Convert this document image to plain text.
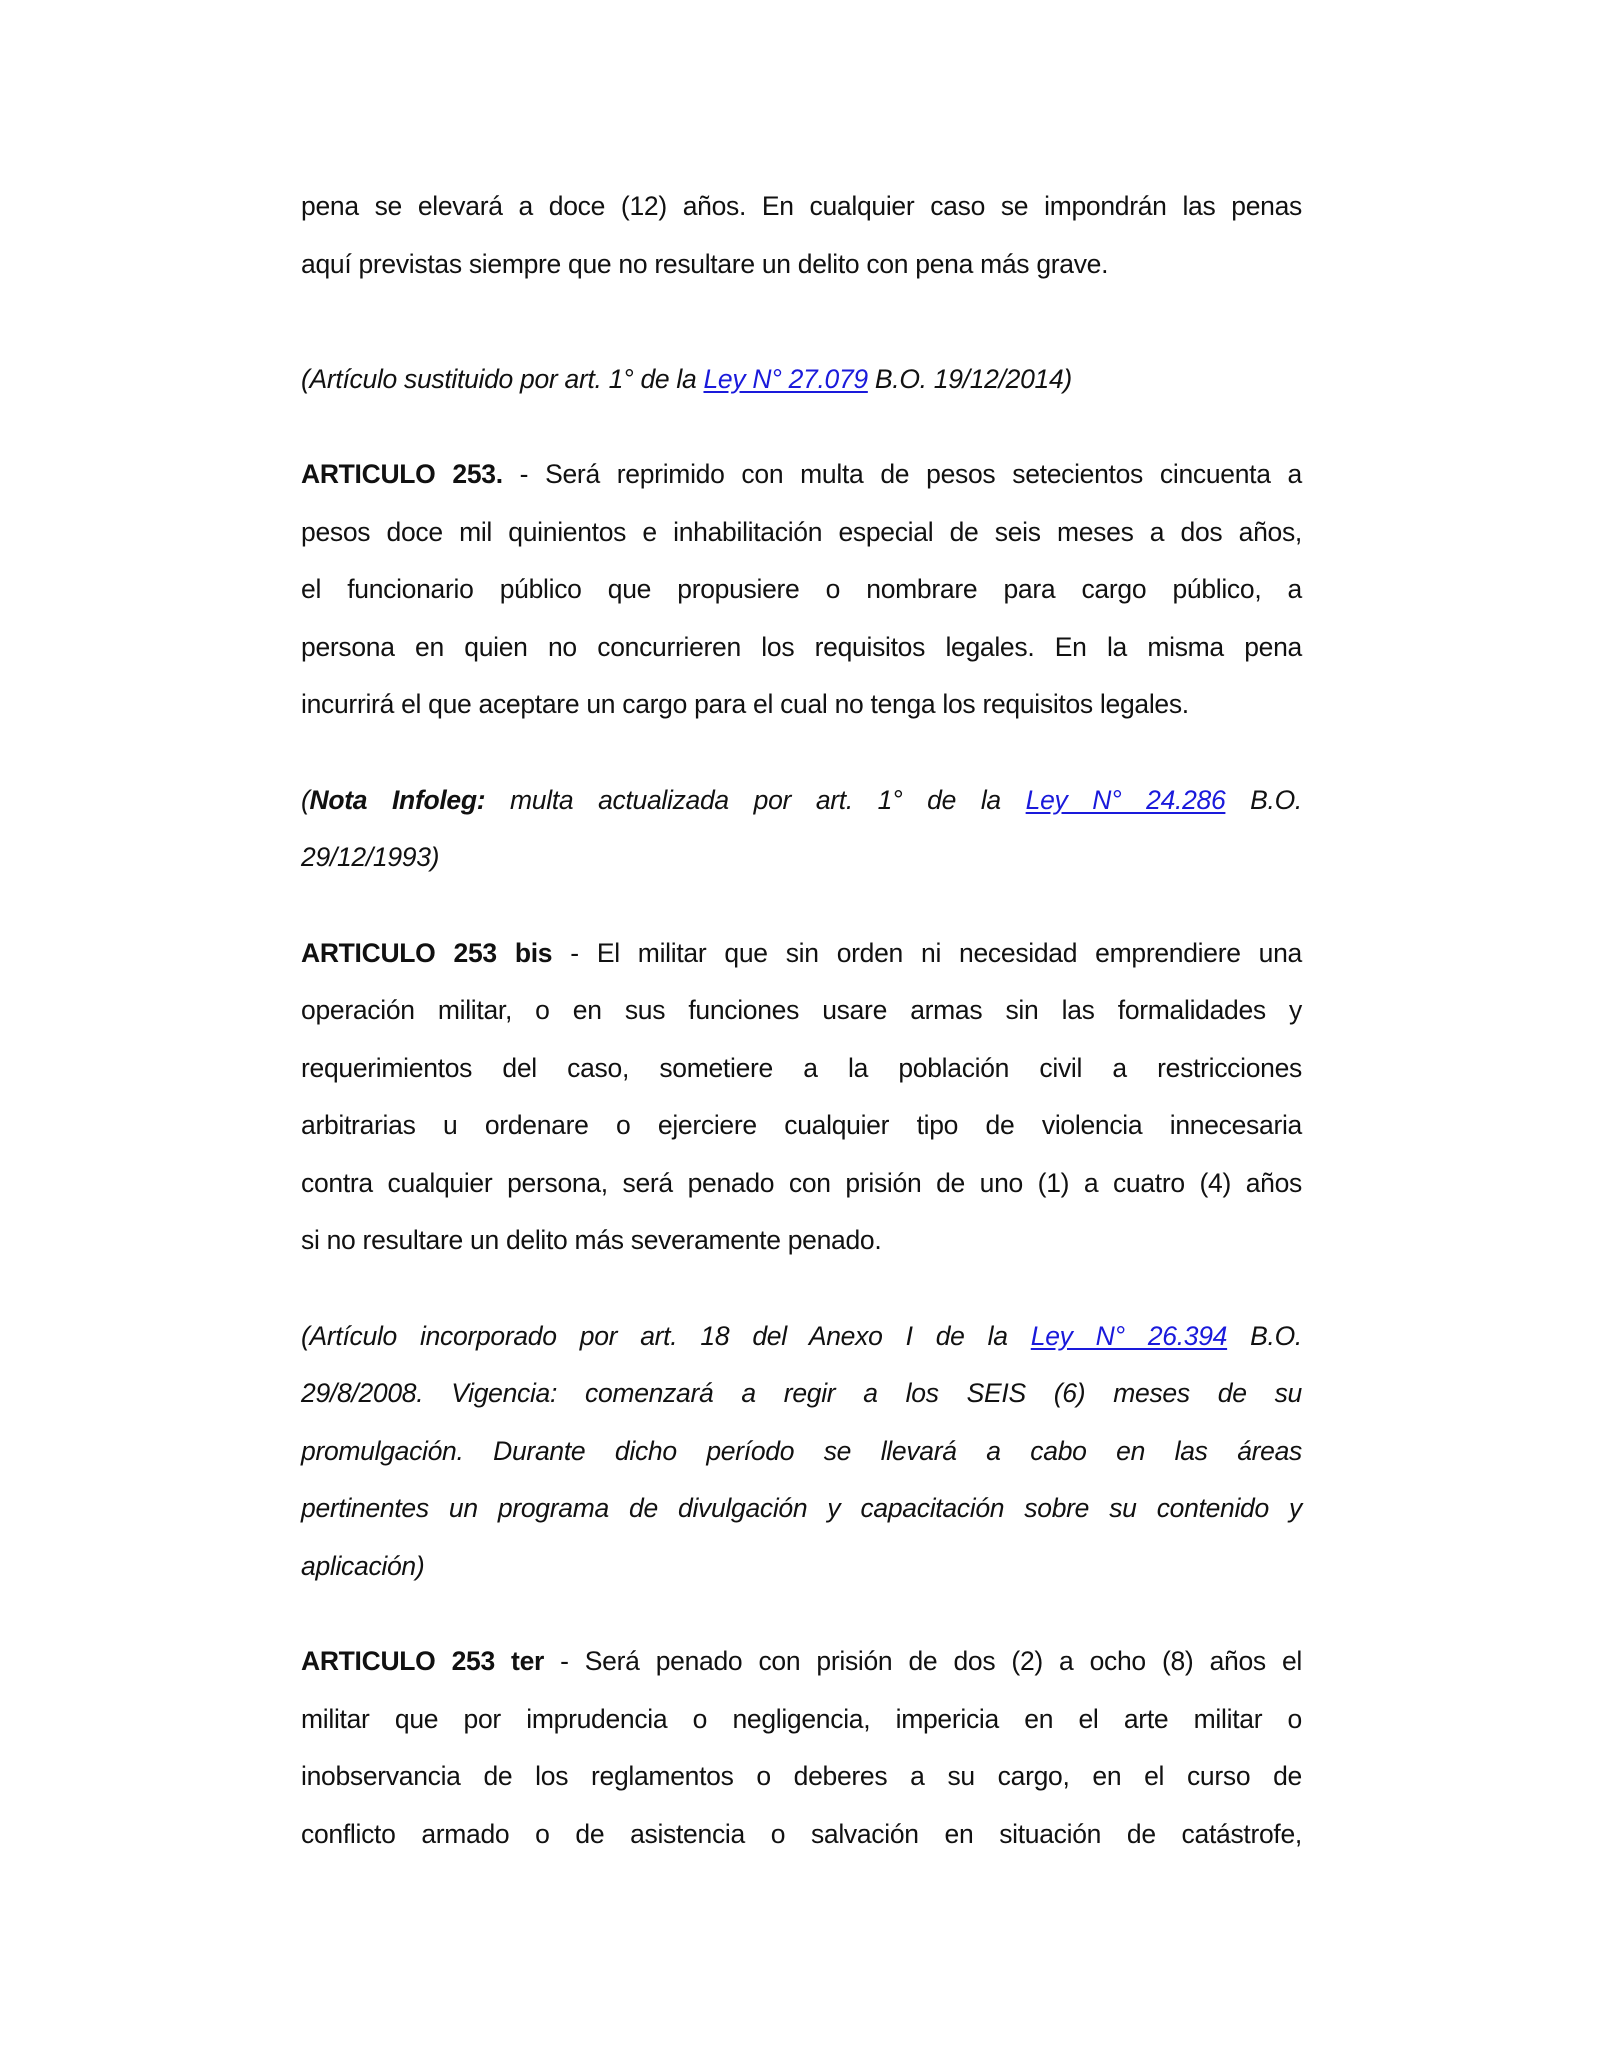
pena se elevará a doce (12) años. En cualquier caso se impondrán las penas
aquí previstas siempre que no resultare un delito con pena más grave.
(Artículo sustituido por art. 1° de la Ley N° 27.079 B.O. 19/12/2014)
ARTICULO 253. - Será reprimido con multa de pesos setecientos cincuenta a
pesos doce mil quinientos e inhabilitación especial de seis meses a dos años,
el funcionario público que propusiere o nombrare para cargo público, a
persona en quien no concurrieren los requisitos legales. En la misma pena
incurrirá el que aceptare un cargo para el cual no tenga los requisitos legales.
(Nota Infoleg: multa actualizada por art. 1° de la Ley N° 24.286 B.O.
29/12/1993)
ARTICULO 253 bis - El militar que sin orden ni necesidad emprendiere una
operación militar, o en sus funciones usare armas sin las formalidades y
requerimientos del caso, sometiere a la población civil a restricciones
arbitrarias u ordenare o ejerciere cualquier tipo de violencia innecesaria
contra cualquier persona, será penado con prisión de uno (1) a cuatro (4) años
si no resultare un delito más severamente penado.
(Artículo incorporado por art. 18 del Anexo I de la Ley N° 26.394 B.O.
29/8/2008. Vigencia: comenzará a regir a los SEIS (6) meses de su
promulgación. Durante dicho período se llevará a cabo en las áreas
pertinentes un programa de divulgación y capacitación sobre su contenido y
aplicación)
ARTICULO 253 ter - Será penado con prisión de dos (2) a ocho (8) años el
militar que por imprudencia o negligencia, impericia en el arte militar o
inobservancia de los reglamentos o deberes a su cargo, en el curso de
conflicto armado o de asistencia o salvación en situación de catástrofe,
